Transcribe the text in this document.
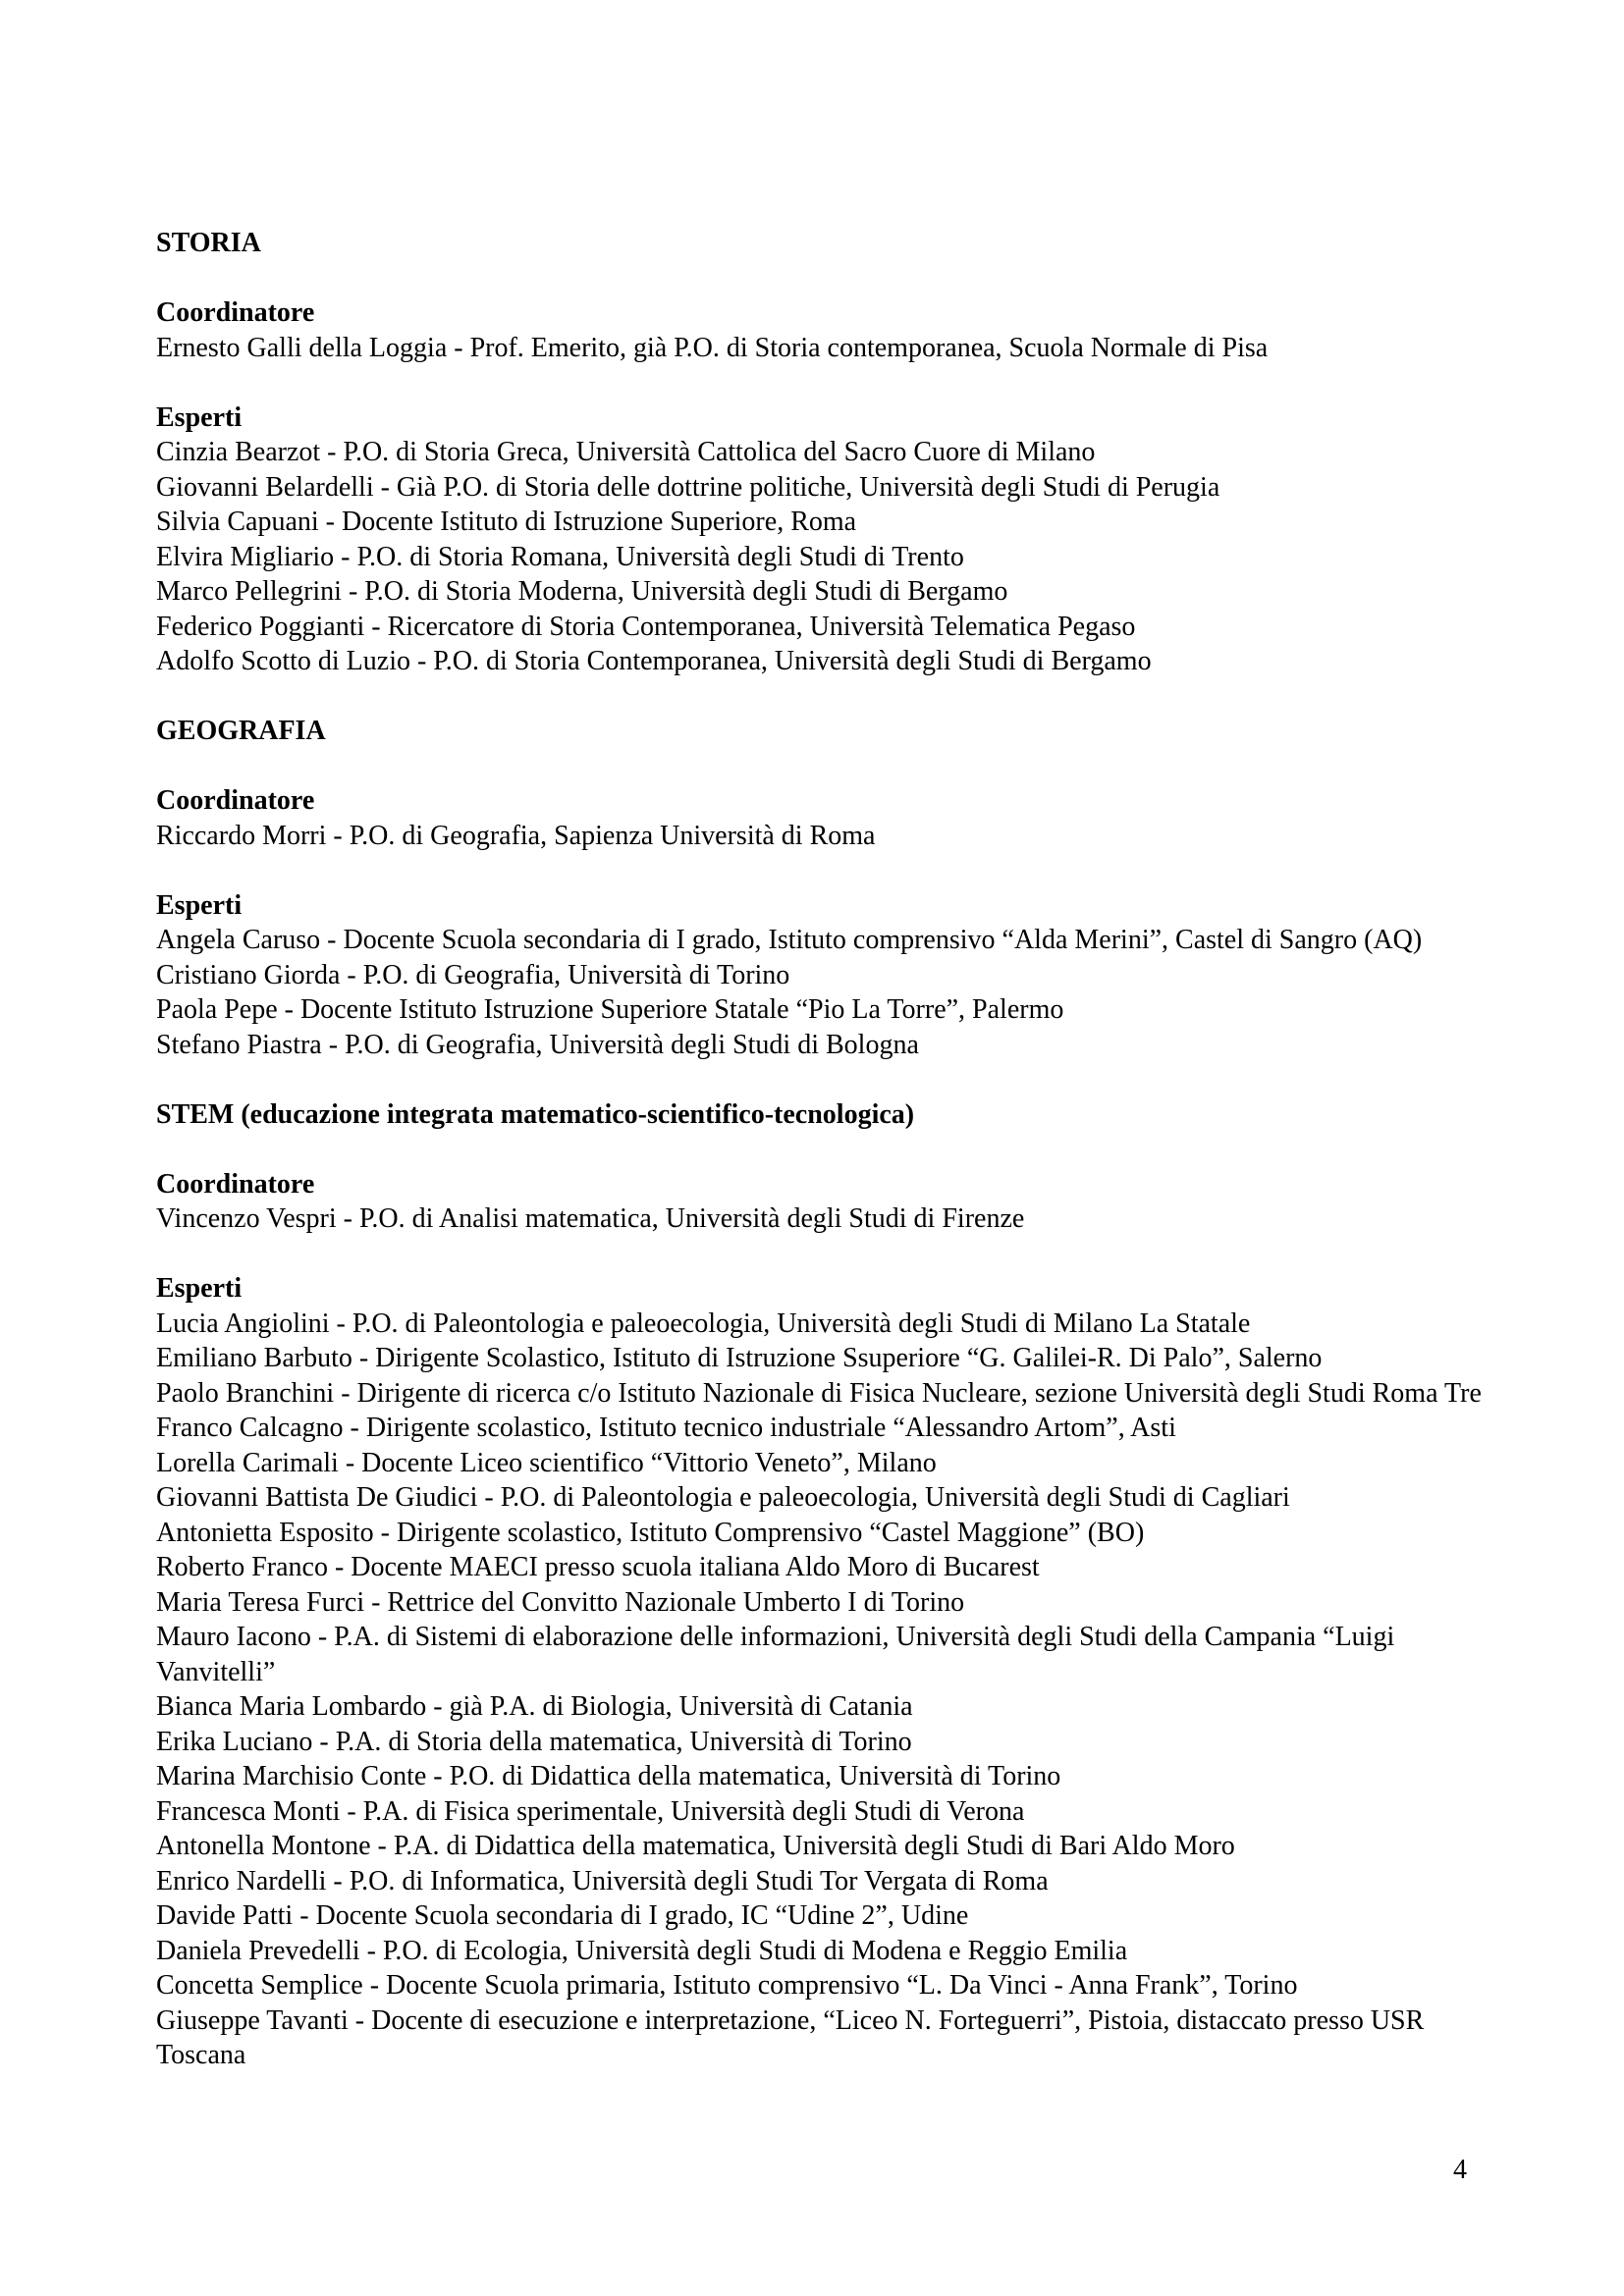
STORIA

Coordinatore

Ernesto Galli della Loggia - Prof. Emerito, già P.O. di Storia contemporanea, Scuola Normale di Pisa

Esperti

Cinzia Bearzot - P.O. di Storia Greca, Università Cattolica del Sacro Cuore di Milano

Giovanni Belardelli - Già P.O. di Storia delle dottrine politiche, Università degli Studi di Perugia

Silvia Capuani - Docente Istituto di Istruzione Superiore, Roma

Elvira Migliario - P.O. di Storia Romana, Università degli Studi di Trento

Marco Pellegrini - P.O. di Storia Moderna, Università degli Studi di Bergamo

Federico Poggianti - Ricercatore di Storia Contemporanea, Università Telematica Pegaso

Adolfo Scotto di Luzio - P.O. di Storia Contemporanea, Università degli Studi di Bergamo

GEOGRAFIA

Coordinatore

Riccardo Morri - P.O. di Geografia, Sapienza Università di Roma

Esperti

Angela Caruso - Docente Scuola secondaria di I grado, Istituto comprensivo “Alda Merini”, Castel di Sangro (AQ)

Cristiano Giorda - P.O. di Geografia, Università di Torino

Paola Pepe - Docente Istituto Istruzione Superiore Statale “Pio La Torre”, Palermo

Stefano Piastra - P.O. di Geografia, Università degli Studi di Bologna

STEM (educazione integrata matematico-scientifico-tecnologica)

Coordinatore

Vincenzo Vespri - P.O. di Analisi matematica, Università degli Studi di Firenze

Esperti

Lucia Angiolini - P.O. di Paleontologia e paleoecologia, Università degli Studi di Milano La Statale

Emiliano Barbuto - Dirigente Scolastico, Istituto di Istruzione Ssuperiore “G. Galilei-R. Di Palo”, Salerno

Paolo Branchini - Dirigente di ricerca c/o Istituto Nazionale di Fisica Nucleare, sezione Università degli Studi Roma Tre

Franco Calcagno - Dirigente scolastico, Istituto tecnico industriale “Alessandro Artom”, Asti

Lorella Carimali - Docente Liceo scientifico “Vittorio Veneto”, Milano

Giovanni Battista De Giudici - P.O. di Paleontologia e paleoecologia, Università degli Studi di Cagliari

Antonietta Esposito - Dirigente scolastico, Istituto Comprensivo “Castel Maggione” (BO)

Roberto Franco - Docente MAECI presso scuola italiana Aldo Moro di Bucarest

Maria Teresa Furci - Rettrice del Convitto Nazionale Umberto I di Torino

Mauro Iacono - P.A. di Sistemi di elaborazione delle informazioni, Università degli Studi della Campania “Luigi Vanvitelli”

Bianca Maria Lombardo - già P.A. di Biologia, Università di Catania

Erika Luciano - P.A. di Storia della matematica, Università di Torino

Marina Marchisio Conte - P.O. di Didattica della matematica, Università di Torino

Francesca Monti - P.A. di Fisica sperimentale, Università degli Studi di Verona

Antonella Montone - P.A. di Didattica della matematica, Università degli Studi di Bari Aldo Moro

Enrico Nardelli - P.O. di Informatica, Università degli Studi Tor Vergata di Roma

Davide Patti - Docente Scuola secondaria di I grado, IC “Udine 2”, Udine

Daniela Prevedelli - P.O. di Ecologia, Università degli Studi di Modena e Reggio Emilia

Concetta Semplice - Docente Scuola primaria, Istituto comprensivo “L. Da Vinci - Anna Frank”, Torino

Giuseppe Tavanti - Docente di esecuzione e interpretazione, “Liceo N. Forteguerri”, Pistoia, distaccato presso USR Toscana

4
